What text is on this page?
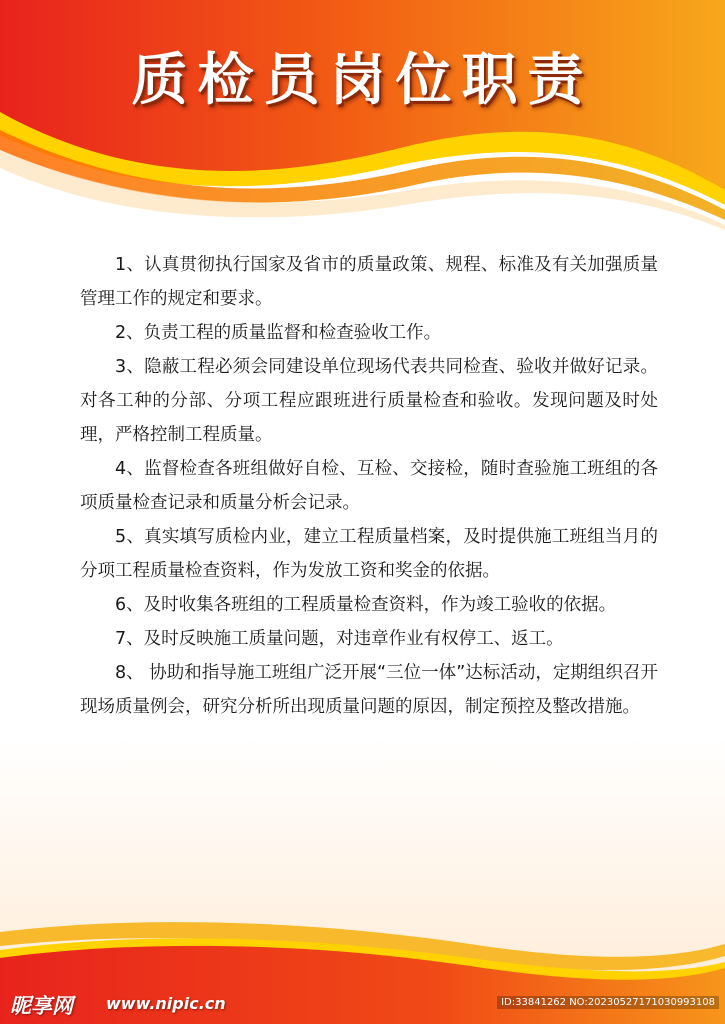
质检员岗位职责

1、认真贯彻执行国家及省市的质量政策、规程、标准及有关加强质量管理工作的规定和要求。

2、负责工程的质量监督和检查验收工作。

3、隐蔽工程必须会同建设单位现场代表共同检查、验收并做好记录。对各工种的分部、分项工程应跟班进行质量检查和验收。发现问题及时处理，严格控制工程质量。

4、监督检查各班组做好自检、互检、交接检，随时查验施工班组的各项质量检查记录和质量分析会记录。

5、真实填写质检内业，建立工程质量档案，及时提供施工班组当月的分项工程质量检查资料，作为发放工资和奖金的依据。

6、及时收集各班组的工程质量检查资料，作为竣工验收的依据。

7、及时反映施工质量问题，对违章作业有权停工、返工。

8、 协助和指导施工班组广泛开展“三位一体”达标活动，定期组织召开现场质量例会，研究分析所出现质量问题的原因，制定预控及整改措施。

昵享网 www.nipic.cn	ID:33841262 NO:20230527171030993108
